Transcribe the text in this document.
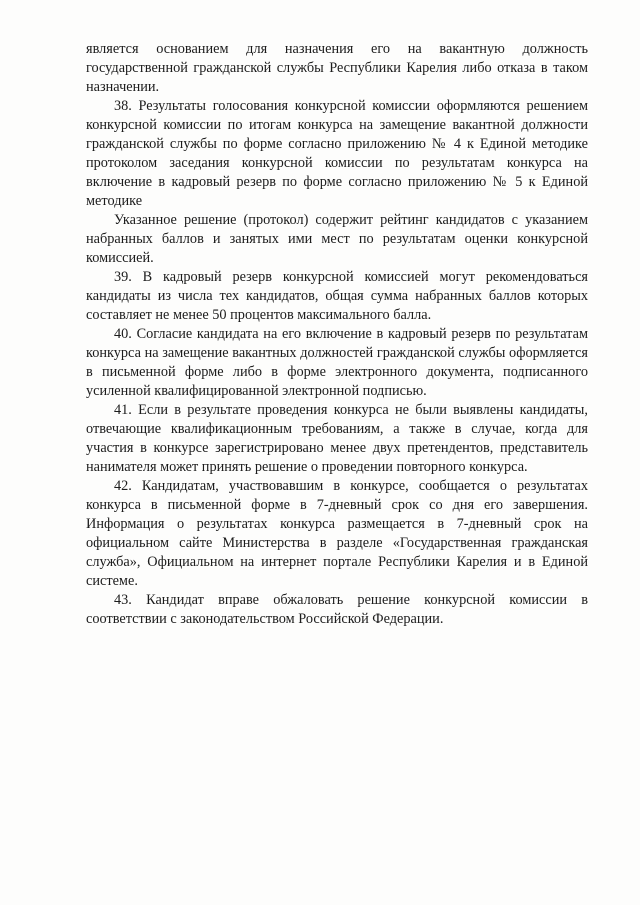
является основанием для назначения его на вакантную должность государственной гражданской службы Республики Карелия либо отказа в таком назначении.

38. Результаты голосования конкурсной комиссии оформляются решением конкурсной комиссии по итогам конкурса на замещение вакантной должности гражданской службы по форме согласно приложению № 4 к Единой методике протоколом заседания конкурсной комиссии по результатам конкурса на включение в кадровый резерв по форме согласно приложению № 5 к Единой методике

Указанное решение (протокол) содержит рейтинг кандидатов с указанием набранных баллов и занятых ими мест по результатам оценки конкурсной комиссией.

39. В кадровый резерв конкурсной комиссией могут рекомендоваться кандидаты из числа тех кандидатов, общая сумма набранных баллов которых составляет не менее 50 процентов максимального балла.

40. Согласие кандидата на его включение в кадровый резерв по результатам конкурса на замещение вакантных должностей гражданской службы оформляется в письменной форме либо в форме электронного документа, подписанного усиленной квалифицированной электронной подписью.

41. Если в результате проведения конкурса не были выявлены кандидаты, отвечающие квалификационным требованиям, а также в случае, когда для участия в конкурсе зарегистрировано менее двух претендентов, представитель нанимателя может принять решение о проведении повторного конкурса.

42. Кандидатам, участвовавшим в конкурсе, сообщается о результатах конкурса в письменной форме в 7-дневный срок со дня его завершения. Информация о результатах конкурса размещается в 7-дневный срок на официальном сайте Министерства в разделе «Государственная гражданская служба», Официальном на интернет портале Республики Карелия и в Единой системе.

43. Кандидат вправе обжаловать решение конкурсной комиссии в соответствии с законодательством Российской Федерации.
